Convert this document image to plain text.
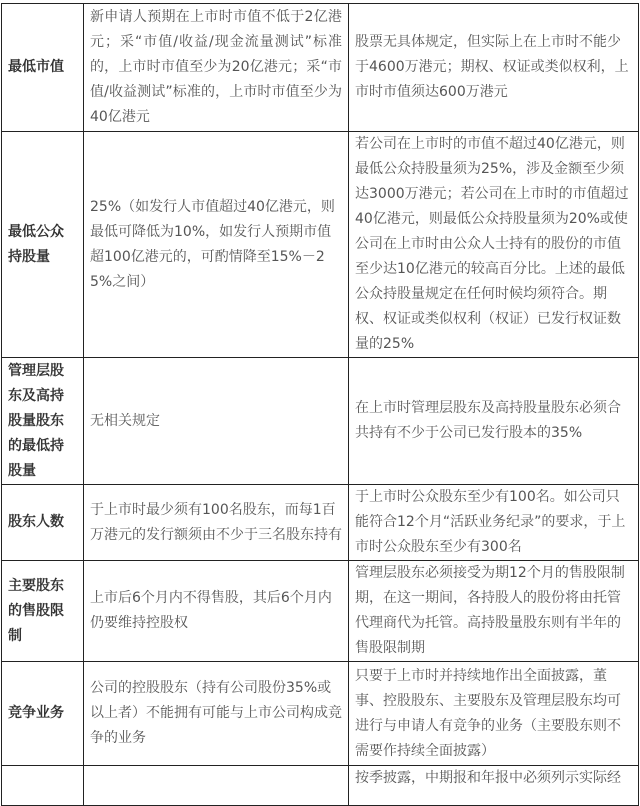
最低市值	新申请人预期在上市时市值不低于2亿港元；采“市值/收益/现金流量测试”标准的，上市时市值至少为20亿港元；采“市值/收益测试”标准的，上市时市值至少为40亿港元	股票无具体规定，但实际上在上市时不能少于4600万港元；期权、权证或类似权利，上市时市值须达600万港元
最低公众持股量	25%（如发行人市值超过40亿港元，则最低可降低为10%，如发行人预期市值超100亿港元的，可酌情降至15%－25%之间）	若公司在上市时的市值不超过40亿港元，则最低公众持股量须为25%，涉及金额至少须达3000万港元；若公司在上市时的市值超过40亿港元，则最低公众持股量须为20%或使公司在上市时由公众人士持有的股份的市值至少达10亿港元的较高百分比。上述的最低公众持股量规定在任何时候均须符合。期权、权证或类似权利（权证）已发行权证数量的25%
管理层股东及高持股量股东的最低持股量	无相关规定	在上市时管理层股东及高持股量股东必须合共持有不少于公司已发行股本的35%
股东人数	于上市时最少须有100名股东，而每1百万港元的发行额须由不少于三名股东持有	于上市时公众股东至少有100名。如公司只能符合12个月“活跃业务纪录”的要求，于上市时公众股东至少有300名
主要股东的售股限制	上市后6个月内不得售股，其后6个月内仍要维持控股权	管理层股东必须接受为期12个月的售股限制期，在这一期间，各持股人的股份将由托管代理商代为托管。高持股量股东则有半年的售股限制期
竞争业务	公司的控股股东（持有公司股份35%或以上者）不能拥有可能与上市公司构成竞争的业务	只要于上市时并持续地作出全面披露，董事、控股股东、主要股东及管理层股东均可进行与申请人有竞争的业务（主要股东则不需要作持续全面披露）
		按季披露，中期报和年报中必须列示实际经
